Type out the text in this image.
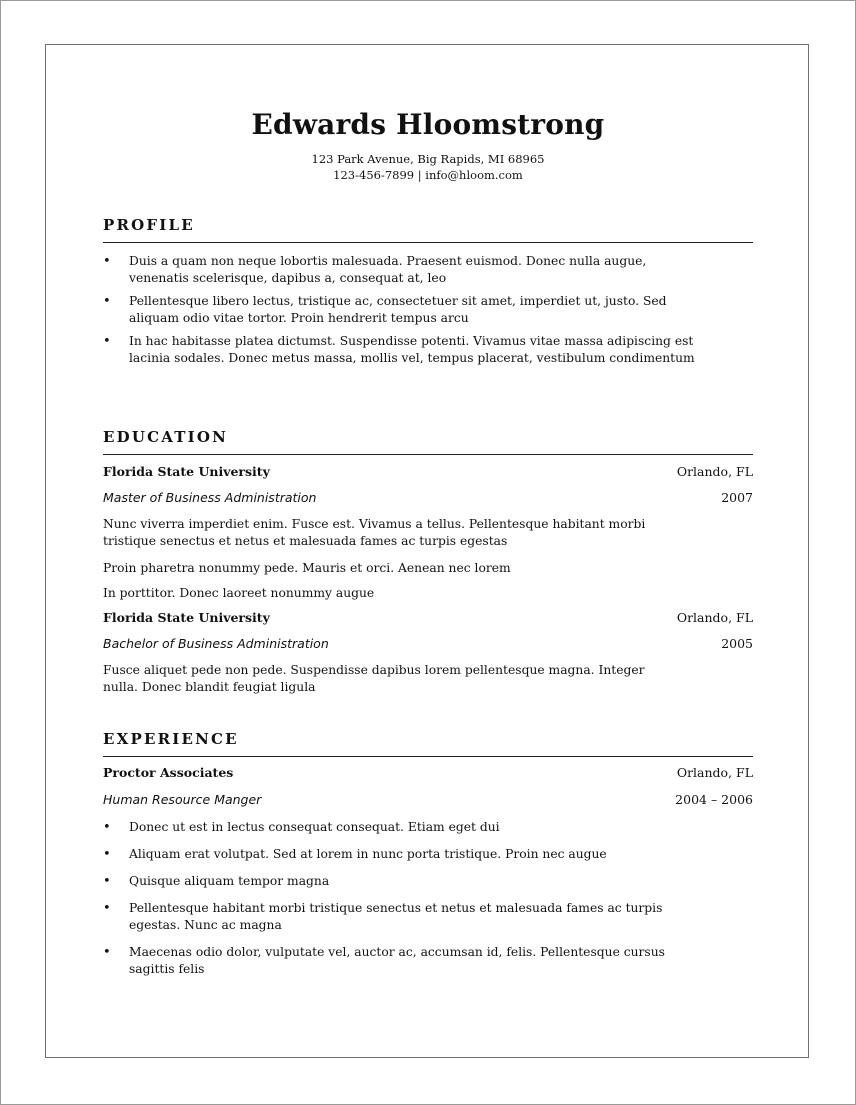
Edwards Hloomstrong

123 Park Avenue, Big Rapids, MI 68965

123-456-7899 | info@hloom.com

PROFILE
• Duis a quam non neque lobortis malesuada. Praesent euismod. Donec nulla augue, venenatis scelerisque, dapibus a, consequat at, leo
• Pellentesque libero lectus, tristique ac, consectetuer sit amet, imperdiet ut, justo. Sed aliquam odio vitae tortor. Proin hendrerit tempus arcu
• In hac habitasse platea dictumst. Suspendisse potenti. Vivamus vitae massa adipiscing est lacinia sodales. Donec metus massa, mollis vel, tempus placerat, vestibulum condimentum
EDUCATION
Florida State University	Orlando, FL
Master of Business Administration	2007

Nunc viverra imperdiet enim. Fusce est. Vivamus a tellus. Pellentesque habitant morbi tristique senectus et netus et malesuada fames ac turpis egestas

Proin pharetra nonummy pede. Mauris et orci. Aenean nec lorem

In porttitor. Donec laoreet nonummy augue

Florida State University	Orlando, FL
Bachelor of Business Administration	2005

Fusce aliquet pede non pede. Suspendisse dapibus lorem pellentesque magna. Integer nulla. Donec blandit feugiat ligula

EXPERIENCE
Proctor Associates	Orlando, FL
Human Resource Manger	2004 – 2006
• Donec ut est in lectus consequat consequat. Etiam eget dui
• Aliquam erat volutpat. Sed at lorem in nunc porta tristique. Proin nec augue
• Quisque aliquam tempor magna
• Pellentesque habitant morbi tristique senectus et netus et malesuada fames ac turpis egestas. Nunc ac magna
• Maecenas odio dolor, vulputate vel, auctor ac, accumsan id, felis. Pellentesque cursus sagittis felis
